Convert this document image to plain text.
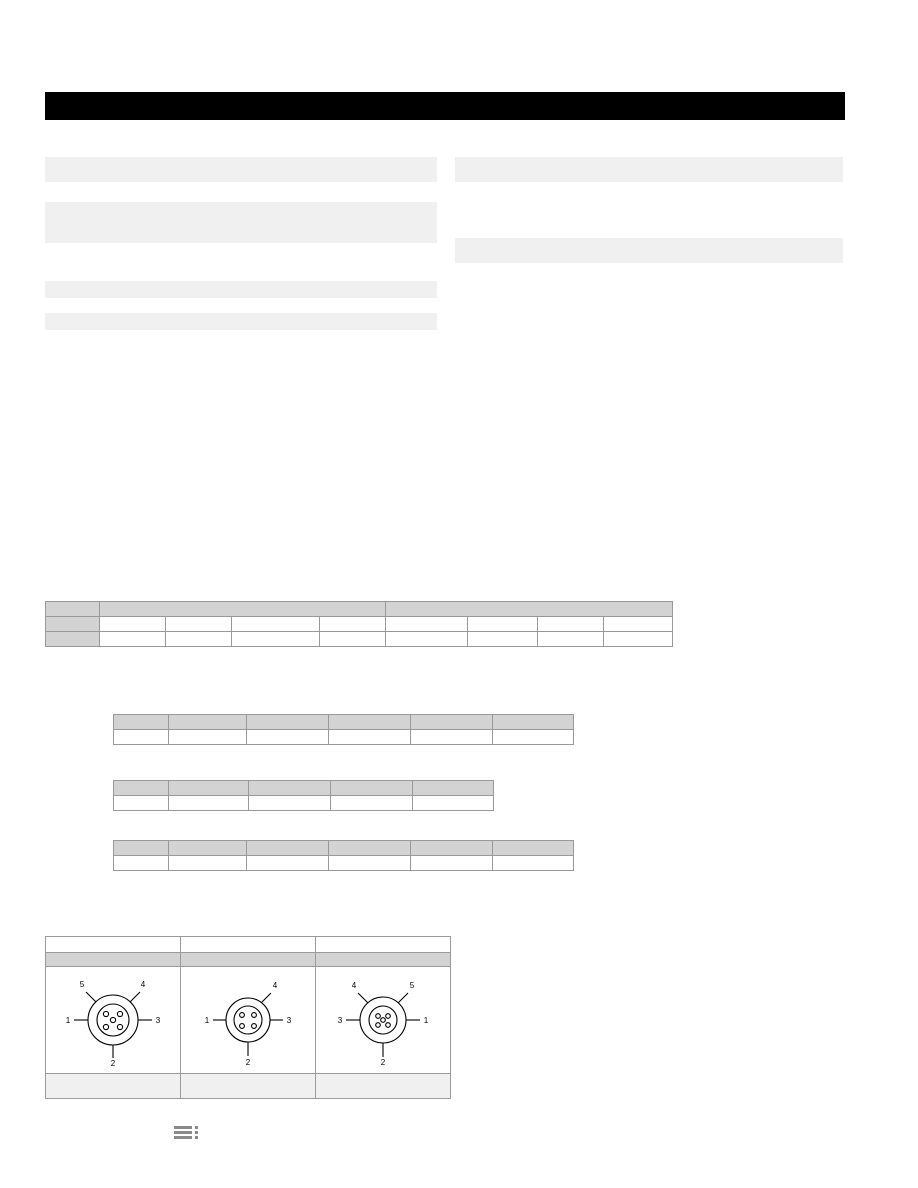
1
2
3
4
5	1
2
3
4	3
2
1
4 5
